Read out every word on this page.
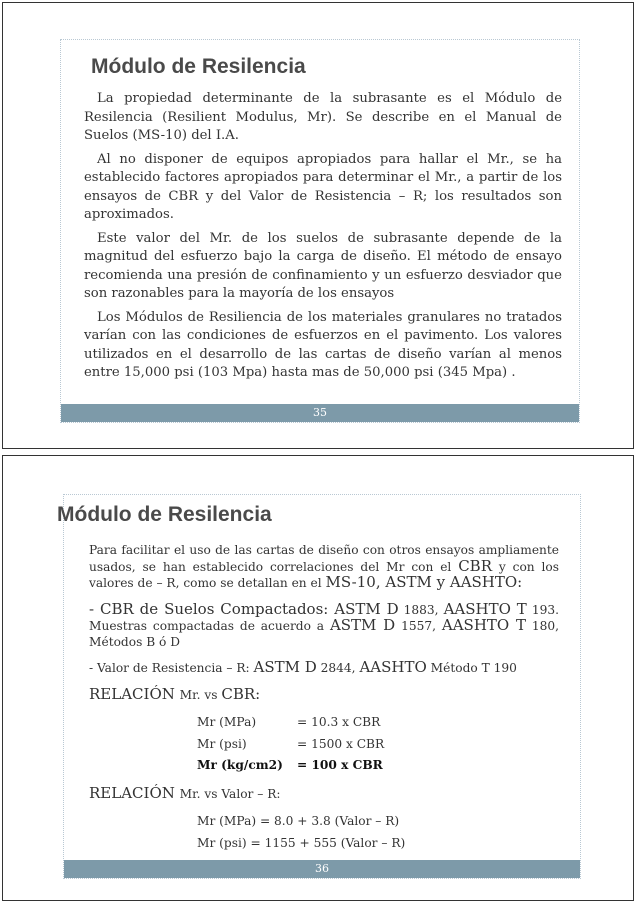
Módulo de Resilencia

La propiedad determinante de la subrasante es el Módulo de Resilencia (Resilient Modulus, Mr). Se describe en el Manual de Suelos (MS-10) del I.A.

Al no disponer de equipos apropiados para hallar el Mr., se ha establecido factores apropiados para determinar el Mr., a partir de los ensayos de CBR y del Valor de Resistencia – R; los resultados son aproximados.

Este valor del Mr. de los suelos de subrasante depende de la magnitud del esfuerzo bajo la carga de diseño. El método de ensayo recomienda una presión de confinamiento y un esfuerzo desviador que son razonables para la mayoría de los ensayos

Los Módulos de Resiliencia de los materiales granulares no tratados varían con las condiciones de esfuerzos en el pavimento. Los valores utilizados en el desarrollo de las cartas de diseño varían al menos entre 15,000 psi (103 Mpa) hasta mas de 50,000 psi (345 Mpa) .

35
Módulo de Resilencia

Para facilitar el uso de las cartas de diseño con otros ensayos ampliamente usados, se han establecido correlaciones del Mr con el CBR y con los valores de – R, como se detallan en el MS-10, ASTM y AASHTO:

- CBR de Suelos Compactados: ASTM D 1883, AASHTO T 193. Muestras compactadas de acuerdo a ASTM D 1557, AASHTO T 180, Métodos B ó D

- Valor de Resistencia – R: ASTM D 2844, AASHTO Método T 190

RELACIÓN Mr. vs CBR:
Mr (MPa)	= 10.3 x CBR
Mr (psi)	= 1500 x CBR
Mr (kg/cm2)	= 100 x CBR
RELACIÓN Mr. vs Valor – R:
Mr (MPa) = 8.0 + 3.8 (Valor – R)
Mr (psi) = 1155 + 555 (Valor – R)
36
